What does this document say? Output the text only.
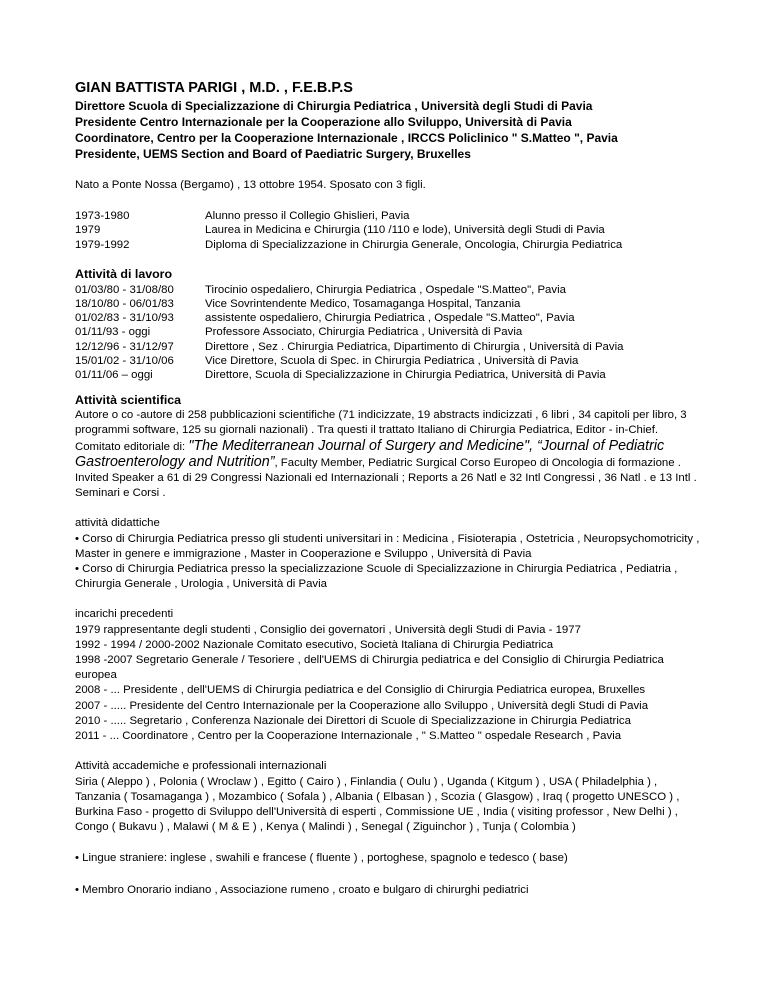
GIAN BATTISTA PARIGI , M.D. , F.E.B.P.S
Direttore Scuola di Specializzazione di Chirurgia Pediatrica , Università degli Studi di Pavia
Presidente Centro Internazionale per la Cooperazione allo Sviluppo, Università di Pavia
Coordinatore, Centro per la Cooperazione Internazionale , IRCCS Policlinico " S.Matteo ", Pavia
Presidente, UEMS Section and Board of Paediatric Surgery, Bruxelles

Nato a Ponte Nossa (Bergamo) , 13 ottobre 1954. Sposato con 3 figli.

1973-1980	Alunno presso il Collegio Ghislieri, Pavia
1979	Laurea in Medicina e Chirurgia (110 /110 e lode), Università degli Studi di Pavia
1979-1992	Diploma di Specializzazione in Chirurgia Generale, Oncologia, Chirurgia Pediatrica
Attività di lavoro
01/03/80 - 31/08/80	Tirocinio ospedaliero, Chirurgia Pediatrica , Ospedale "S.Matteo", Pavia
18/10/80 - 06/01/83	Vice Sovrintendente Medico, Tosamaganga Hospital, Tanzania
01/02/83 - 31/10/93	assistente ospedaliero, Chirurgia Pediatrica , Ospedale "S.Matteo", Pavia
01/11/93 - oggi	Professore Associato, Chirurgia Pediatrica , Università di Pavia
12/12/96 - 31/12/97	Direttore , Sez . Chirurgia Pediatrica, Dipartimento di Chirurgia , Università di Pavia
15/01/02 - 31/10/06	Vice Direttore, Scuola di Spec. in Chirurgia Pediatrica , Università di Pavia
01/11/06 – oggi	Direttore, Scuola di Specializzazione in Chirurgia Pediatrica, Università di Pavia
Attività scientifica

Autore o co -autore di 258 pubblicazioni scientifiche (71 indicizzate, 19 abstracts indicizzati , 6 libri , 34 capitoli per libro, 3 programmi software, 125 su giornali nazionali) . Tra questi il trattato Italiano di Chirurgia Pediatrica, Editor - in-Chief. Comitato editoriale di: "The Mediterranean Journal of Surgery and Medicine", “Journal of Pediatric Gastroenterology and Nutrition”, Faculty Member, Pediatric Surgical Corso Europeo di Oncologia di formazione .

Invited Speaker a 61 di 29 Congressi Nazionali ed Internazionali ; Reports a 26 Natl e 32 Intl Congressi , 36 Natl . e 13 Intl . Seminari e Corsi .

attività didattiche

• Corso di Chirurgia Pediatrica presso gli studenti universitari in : Medicina , Fisioterapia , Ostetricia , Neuropsychomotricity , Master in genere e immigrazione , Master in Cooperazione e Sviluppo , Università di Pavia

• Corso di Chirurgia Pediatrica presso la specializzazione Scuole di Specializzazione in Chirurgia Pediatrica , Pediatria , Chirurgia Generale , Urologia , Università di Pavia

incarichi precedenti

1979 rappresentante degli studenti , Consiglio dei governatori , Università degli Studi di Pavia - 1977

1992 - 1994 / 2000-2002 Nazionale Comitato esecutivo, Società Italiana di Chirurgia Pediatrica

1998 -2007 Segretario Generale / Tesoriere , dell'UEMS di Chirurgia pediatrica e del Consiglio di Chirurgia Pediatrica europea

2008 - ... Presidente , dell'UEMS di Chirurgia pediatrica e del Consiglio di Chirurgia Pediatrica europea, Bruxelles

2007 - ..... Presidente del Centro Internazionale per la Cooperazione allo Sviluppo , Università degli Studi di Pavia

2010 - ..... Segretario , Conferenza Nazionale dei Direttori di Scuole di Specializzazione in Chirurgia Pediatrica

2011 - ... Coordinatore , Centro per la Cooperazione Internazionale , " S.Matteo " ospedale Research , Pavia

Attività accademiche e professionali internazionali

Siria ( Aleppo ) , Polonia ( Wroclaw ) , Egitto ( Cairo ) , Finlandia ( Oulu ) , Uganda ( Kitgum ) , USA ( Philadelphia ) , Tanzania ( Tosamaganga ) , Mozambico ( Sofala ) , Albania ( Elbasan ) , Scozia ( Glasgow) , Iraq ( progetto UNESCO ) , Burkina Faso - progetto di Sviluppo dell'Università di esperti , Commissione UE , India ( visiting professor , New Delhi ) , Congo ( Bukavu ) , Malawi ( M & E ) , Kenya ( Malindi ) , Senegal ( Ziguinchor ) , Tunja ( Colombia )

• Lingue straniere: inglese , swahili e francese ( fluente ) , portoghese, spagnolo e tedesco ( base)

• Membro Onorario indiano , Associazione rumeno , croato e bulgaro di chirurghi pediatrici
